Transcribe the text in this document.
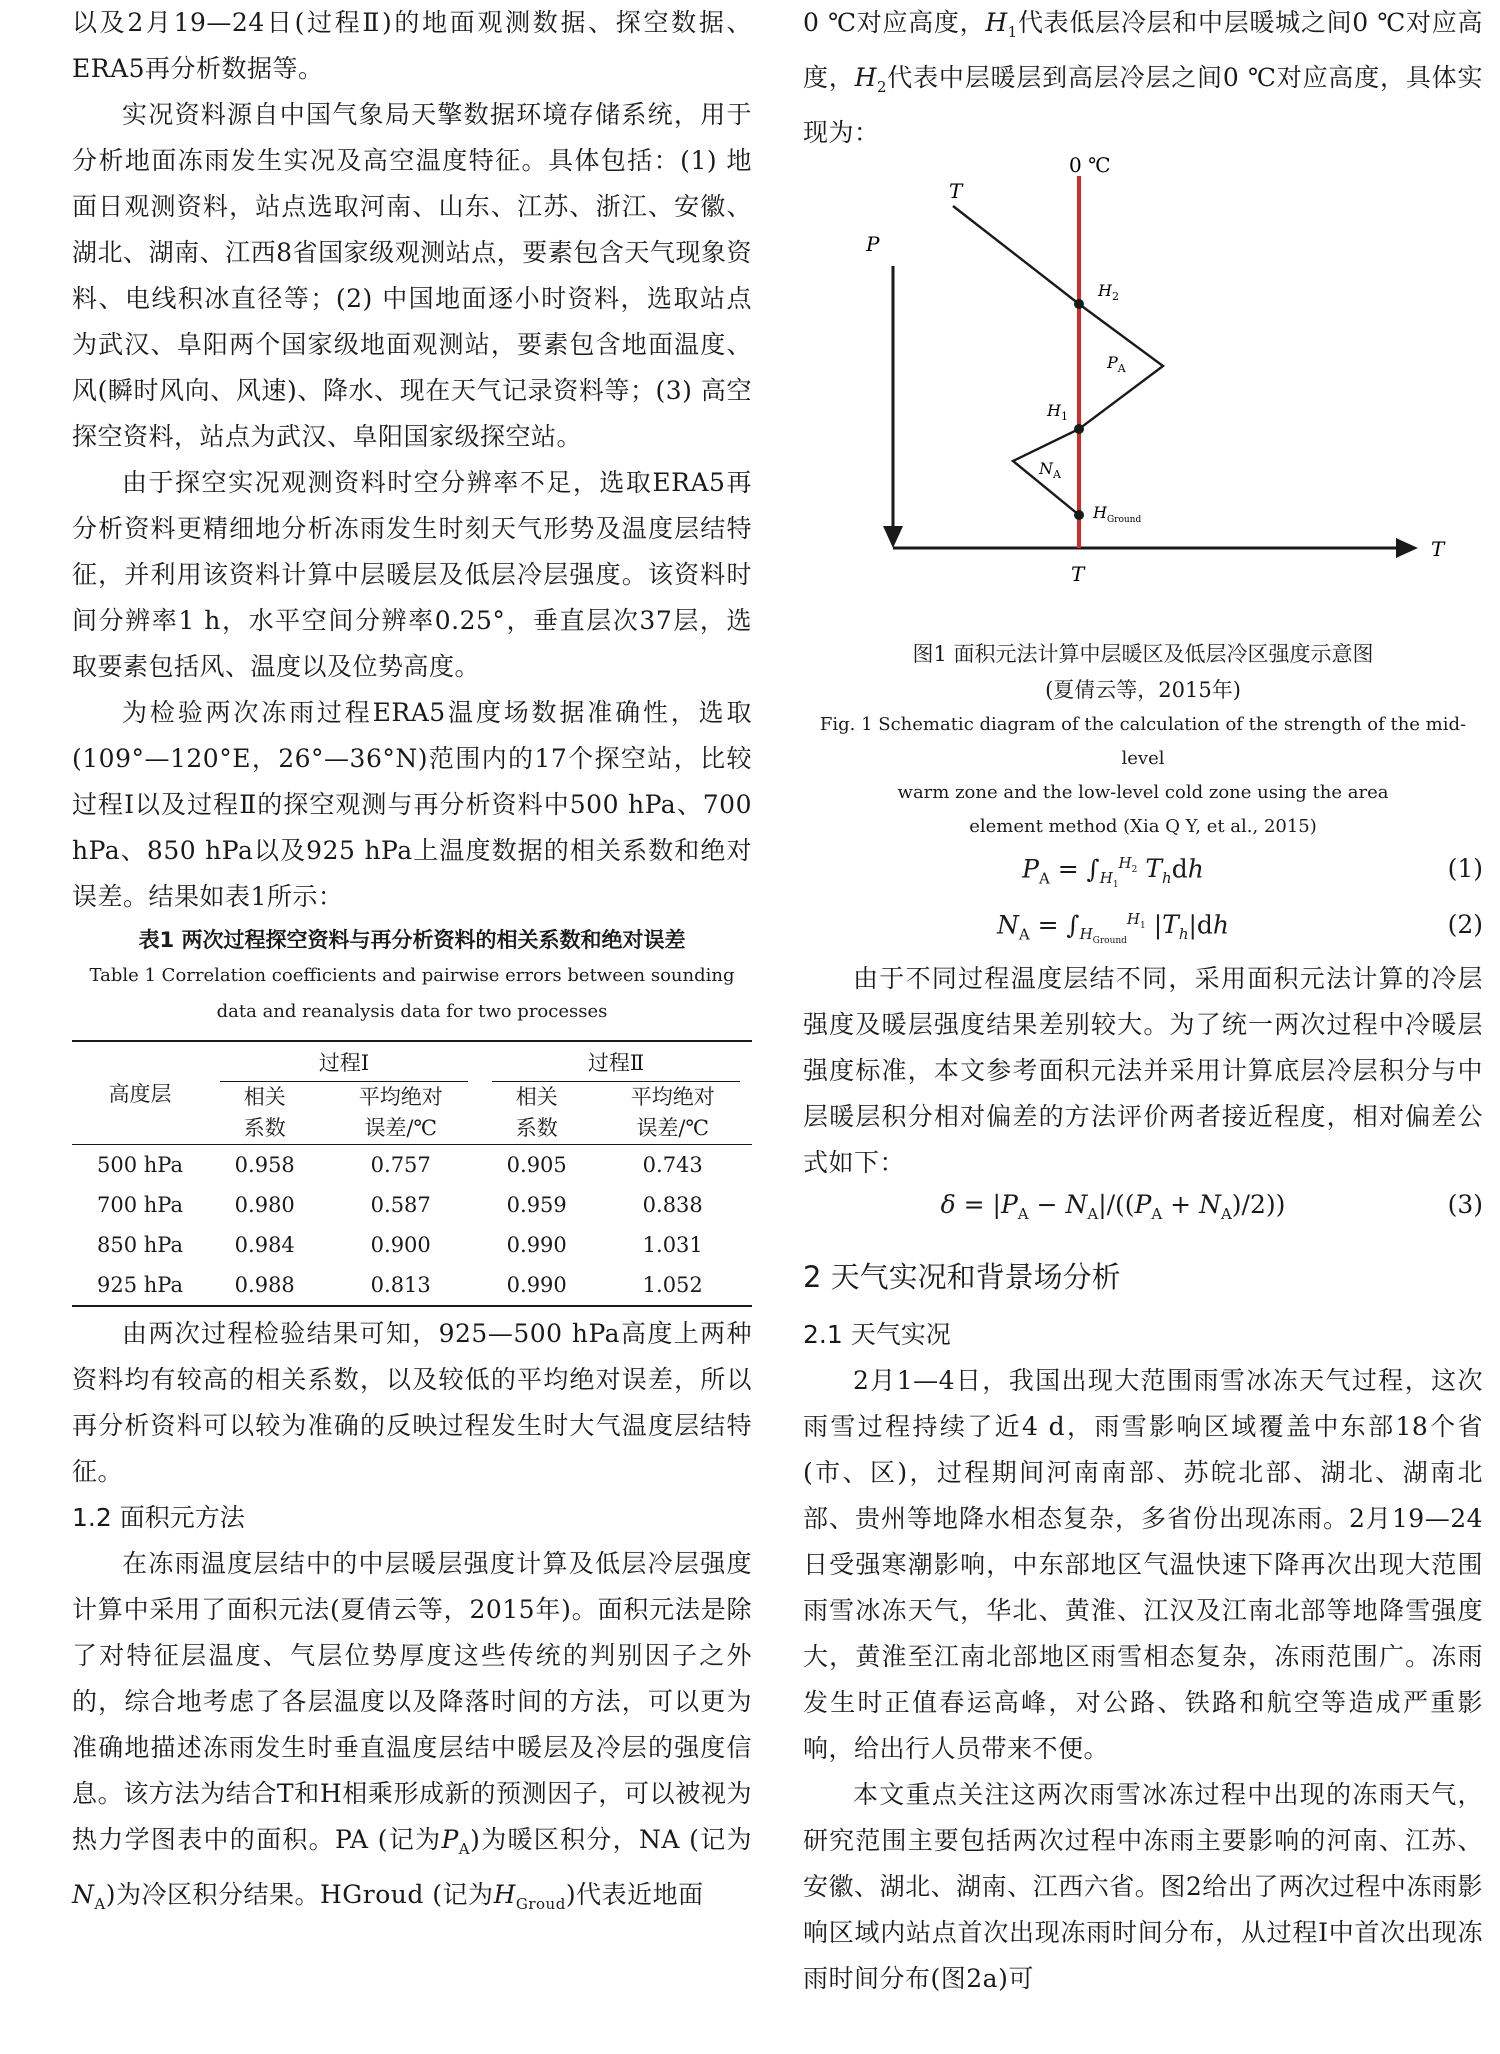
以及2月19—24日(过程Ⅱ)的地面观测数据、探空数据、ERA5再分析数据等。

实况资料源自中国气象局天擎数据环境存储系统，用于分析地面冻雨发生实况及高空温度特征。具体包括：(1) 地面日观测资料，站点选取河南、山东、江苏、浙江、安徽、湖北、湖南、江西8省国家级观测站点，要素包含天气现象资料、电线积冰直径等；(2) 中国地面逐小时资料，选取站点为武汉、阜阳两个国家级地面观测站，要素包含地面温度、风(瞬时风向、风速)、降水、现在天气记录资料等；(3) 高空探空资料，站点为武汉、阜阳国家级探空站。

由于探空实况观测资料时空分辨率不足，选取ERA5再分析资料更精细地分析冻雨发生时刻天气形势及温度层结特征，并利用该资料计算中层暖层及低层冷层强度。该资料时间分辨率1 h，水平空间分辨率0.25°，垂直层次37层，选取要素包括风、温度以及位势高度。

为检验两次冻雨过程ERA5温度场数据准确性，选取(109°—120°E，26°—36°N)范围内的17个探空站，比较过程Ⅰ以及过程Ⅱ的探空观测与再分析资料中500 hPa、700 hPa、850 hPa以及925 hPa上温度数据的相关系数和绝对误差。结果如表1所示：

表1 两次过程探空资料与再分析资料的相关系数和绝对误差
Table 1 Correlation coefficients and pairwise errors between sounding
data and reanalysis data for two processes
高度层	过程Ⅰ		过程Ⅱ	

	相关	平均绝对	相关	平均绝对
	系数	误差/℃	系数	误差/℃
500 hPa	0.958	0.757	0.905	0.743
700 hPa	0.980	0.587	0.959	0.838
850 hPa	0.984	0.900	0.990	1.031
925 hPa	0.988	0.813	0.990	1.052

由两次过程检验结果可知，925—500 hPa高度上两种资料均有较高的相关系数，以及较低的平均绝对误差，所以再分析资料可以较为准确的反映过程发生时大气温度层结特征。

1.2 面积元方法

在冻雨温度层结中的中层暖层强度计算及低层冷层强度计算中采用了面积元法(夏倩云等，2015年)。面积元法是除了对特征层温度、气层位势厚度这些传统的判别因子之外的，综合地考虑了各层温度以及降落时间的方法，可以更为准确地描述冻雨发生时垂直温度层结中暖层及冷层的强度信息。该方法为结合T和H相乘形成新的预测因子，可以被视为热力学图表中的面积。PA (记为$P_A$)为暖区积分，NA (记为$N_A$)为冷区积分结果。HGroud (记为$H_{Groud}$)代表近地面

0 ℃对应高度，$H_1$代表低层冷层和中层暖城之间0 ℃对应高度，$H_2$代表中层暖层到高层冷层之间0 ℃对应高度，具体实现为：

0 ℃
T
P
$H_2$
$P_A$
$H_1$
$N_A$
$H_{Ground}$
T
T
图1 面积元法计算中层暖区及低层冷区强度示意图
(夏倩云等，2015年)
Fig. 1 Schematic diagram of the calculation of the strength of the mid-level
warm zone and the low-level cold zone using the area
element method (Xia Q Y, et al., 2015)
$P_A = \int_{H_1}^{H_2}$ $T_hdh$	(1)
$N_A = \int_{H_{Ground}}^{H_1}$ $|T_h|dh$	(2)

由于不同过程温度层结不同，采用面积元法计算的冷层强度及暖层强度结果差别较大。为了统一两次过程中冷暖层强度标准，本文参考面积元法并采用计算底层冷层积分与中层暖层积分相对偏差的方法评价两者接近程度，相对偏差公式如下：

$\delta = |P_A - N_A|/((P_A + N_A)/2)$)	(3)
2 天气实况和背景场分析
2.1 天气实况

2月1—4日，我国出现大范围雨雪冰冻天气过程，这次雨雪过程持续了近4 d，雨雪影响区域覆盖中东部18个省(市、区)，过程期间河南南部、苏皖北部、湖北、湖南北部、贵州等地降水相态复杂，多省份出现冻雨。2月19—24日受强寒潮影响，中东部地区气温快速下降再次出现大范围雨雪冰冻天气，华北、黄淮、江汉及江南北部等地降雪强度大，黄淮至江南北部地区雨雪相态复杂，冻雨范围广。冻雨发生时正值春运高峰，对公路、铁路和航空等造成严重影响，给出行人员带来不便。

本文重点关注这两次雨雪冰冻过程中出现的冻雨天气，研究范围主要包括两次过程中冻雨主要影响的河南、江苏、安徽、湖北、湖南、江西六省。图2给出了两次过程中冻雨影响区域内站点首次出现冻雨时间分布，从过程Ⅰ中首次出现冻雨时间分布(图2a)可
